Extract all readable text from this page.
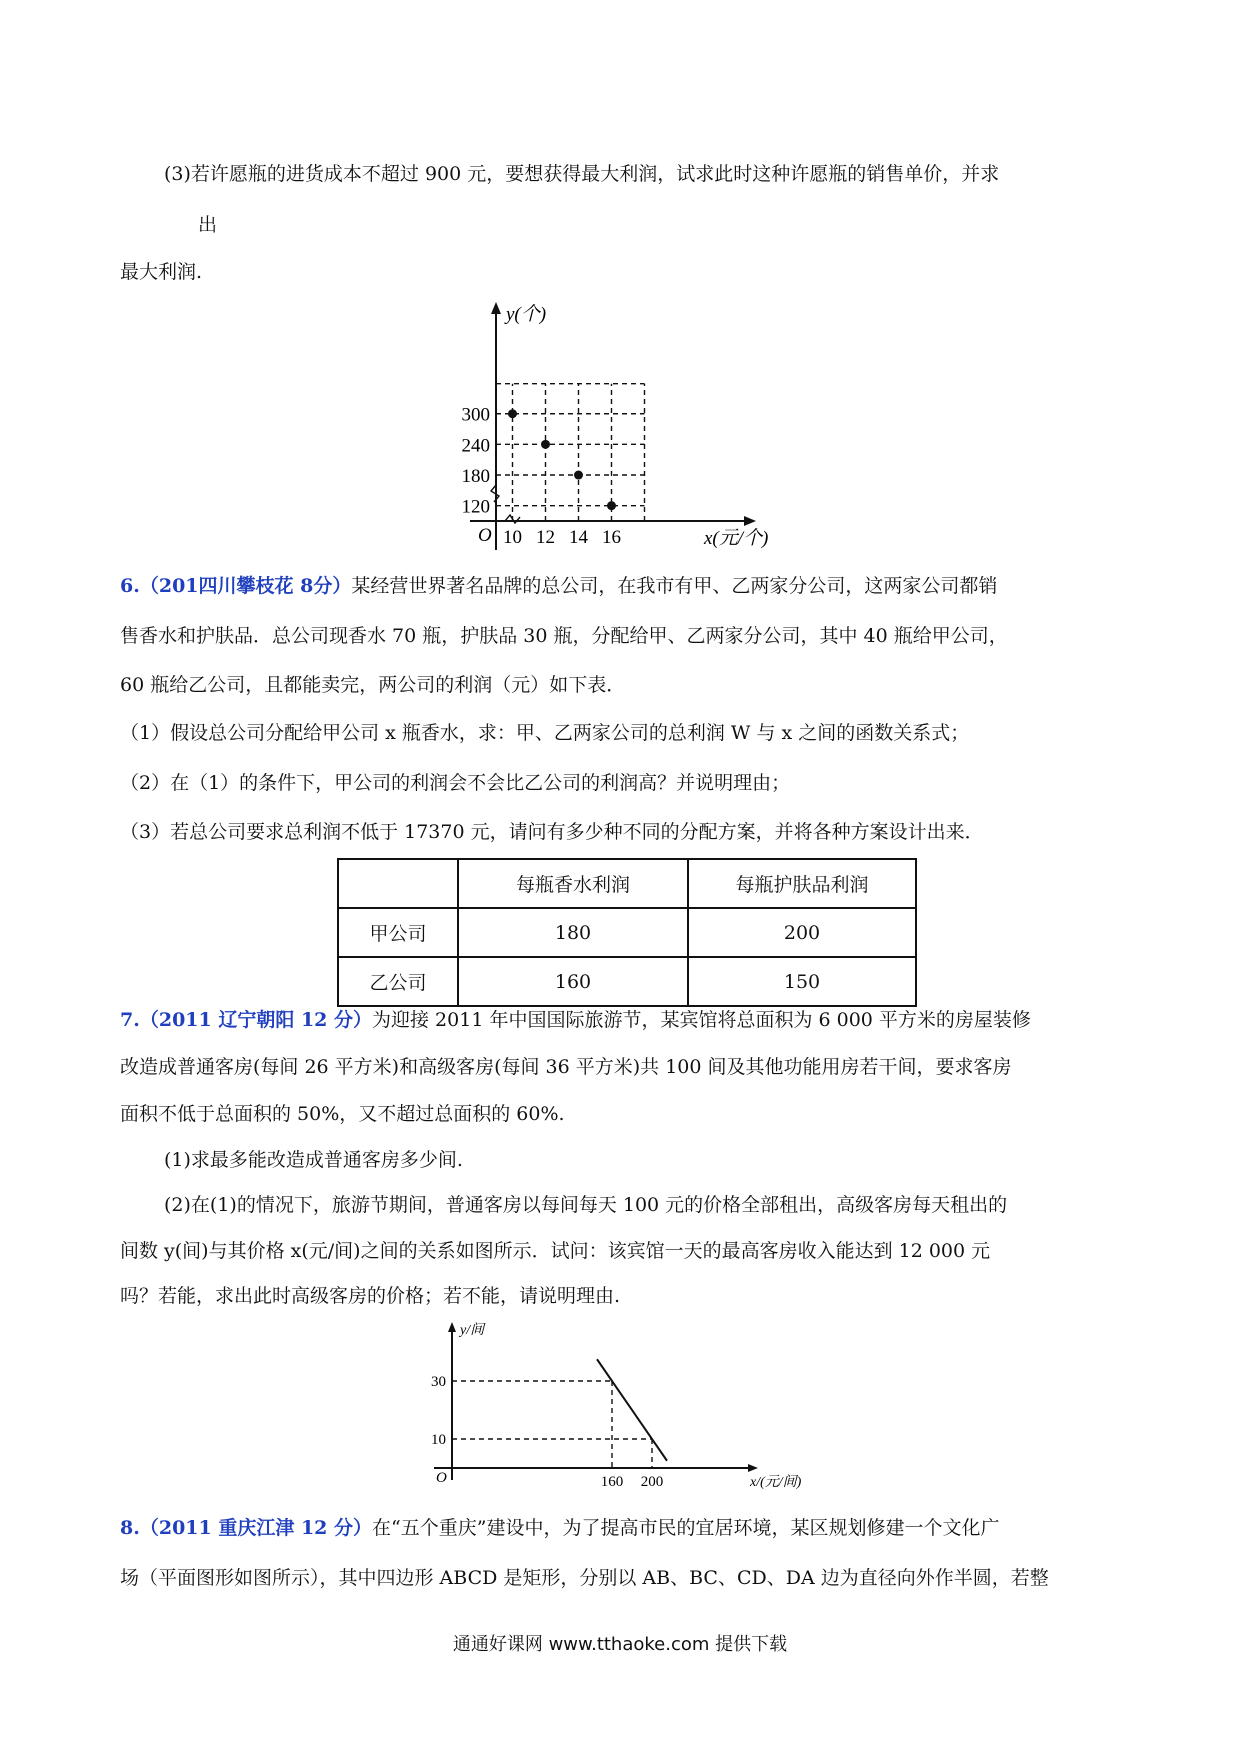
(3)若许愿瓶的进货成本不超过 900 元，要想获得最大利润，试求此时这种许愿瓶的销售单价，并求
出
最大利润.
y(个)
x(元/个)
O 10 12 14 16
120
180
240
300
6.（201四川攀枝花 8分）某经营世界著名品牌的总公司，在我市有甲、乙两家分公司，这两家公司都销
售香水和护肤品．总公司现香水 70 瓶，护肤品 30 瓶，分配给甲、乙两家分公司，其中 40 瓶给甲公司，
60 瓶给乙公司，且都能卖完，两公司的利润（元）如下表．
（1）假设总公司分配给甲公司 x 瓶香水，求：甲、乙两家公司的总利润 W 与 x 之间的函数关系式；
（2）在（1）的条件下，甲公司的利润会不会比乙公司的利润高？并说明理由；
（3）若总公司要求总利润不低于 17370 元，请问有多少种不同的分配方案，并将各种方案设计出来．
	每瓶香水利润	每瓶护肤品利润
甲公司	180	200
乙公司	160	150
7.（2011 辽宁朝阳 12 分）为迎接 2011 年中国国际旅游节，某宾馆将总面积为 6 000 平方米的房屋装修
改造成普通客房(每间 26 平方米)和高级客房(每间 36 平方米)共 100 间及其他功能用房若干间，要求客房
面积不低于总面积的 50%，又不超过总面积的 60%.
(1)求最多能改造成普通客房多少间.
(2)在(1)的情况下，旅游节期间，普通客房以每间每天 100 元的价格全部租出，高级客房每天租出的
间数 y(间)与其价格 x(元/间)之间的关系如图所示．试问：该宾馆一天的最高客房收入能达到 12 000 元
吗？若能，求出此时高级客房的价格；若不能，请说明理由.
160 200
10
30
y/间
x/(元/间)
O
8.（2011 重庆江津 12 分）在“五个重庆”建设中，为了提高市民的宜居环境，某区规划修建一个文化广
场（平面图形如图所示），其中四边形 ABCD 是矩形，分别以 AB、BC、CD、DA 边为直径向外作半圆，若整
通通好课网 www.tthaoke.com 提供下载
